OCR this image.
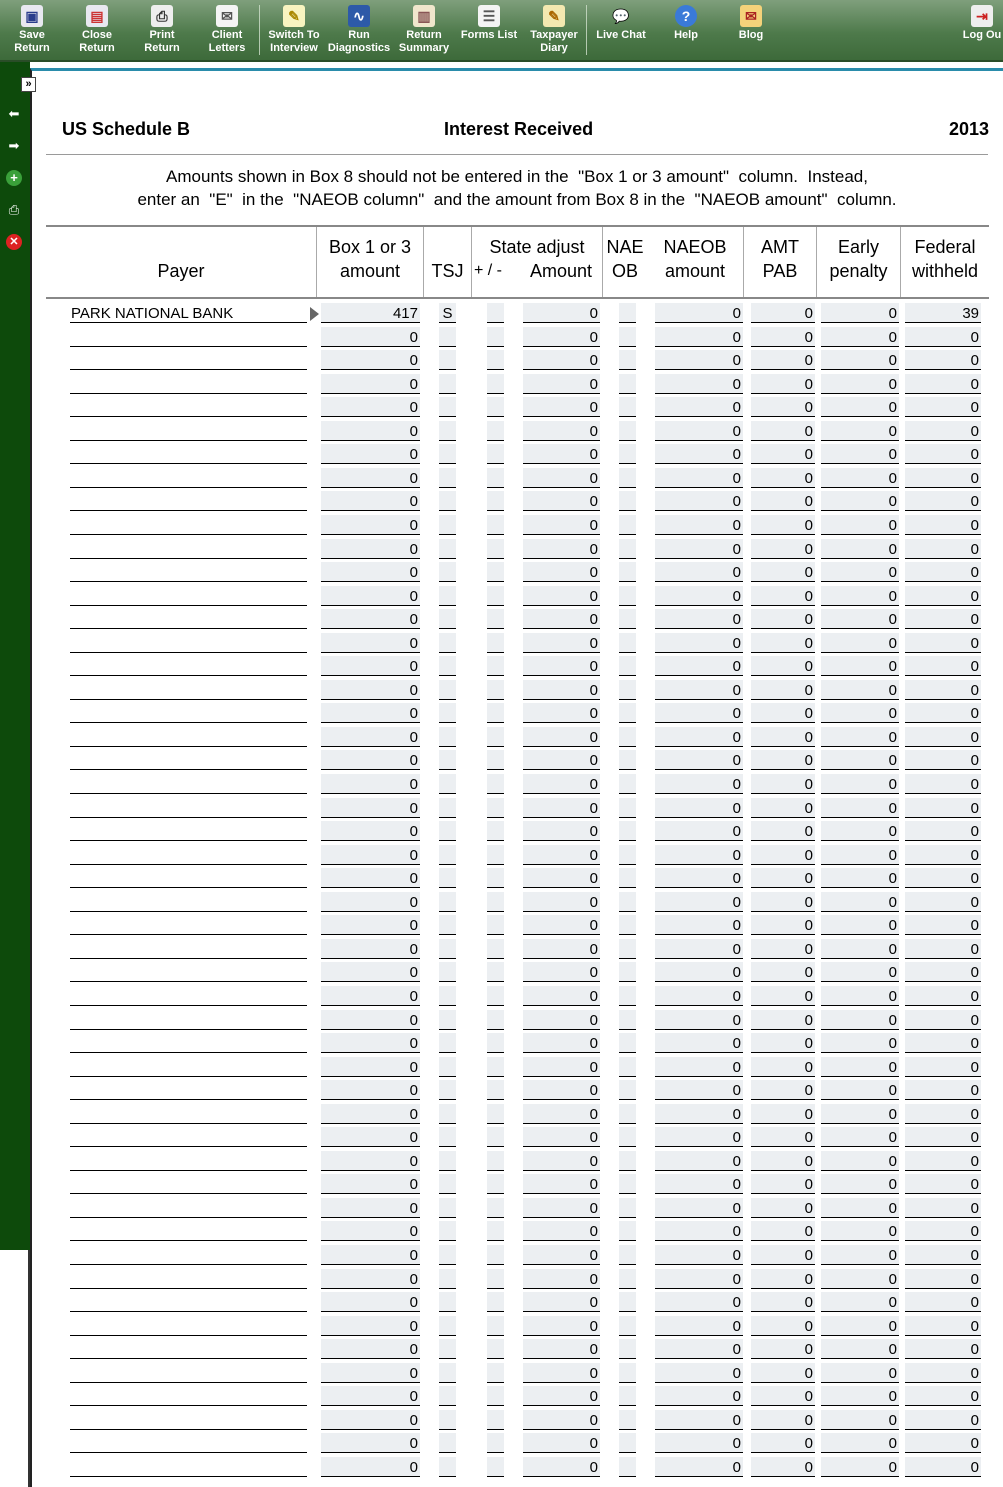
▣
Save
Return
▤
Close
Return
⎙
Print
Return
✉
Client
Letters
✎
Switch To
Interview
∿
Run
Diagnostics
▥
Return
Summary
☰
Forms List
✎
Taxpayer
Diary
💬
Live Chat
?
Help
✉
Blog
⇥
Log Ou
⬅
➡
+
⎙
✕
»
US Schedule B	Interest Received	2013
Amounts shown in Box 8 should not be entered in the  "Box 1 or 3 amount"  column.  Instead,
enter an  "E"  in the  "NAEOB column"  and the amount from Box 8 in the  "NAEOB amount"  column.
Payer
Box 1 or 3
amount	TSJ
State adjust
+ / -	Amount
NAE
OB
NAEOB
amount
AMT
PAB
Early
penalty
Federal
withheld
PARK NATIONAL BANK	417 S	0	0	0	0	39
0	0	0	0	0	0
0	0	0	0	0	0
0	0	0	0	0	0
0	0	0	0	0	0
0	0	0	0	0	0
0	0	0	0	0	0
0	0	0	0	0	0
0	0	0	0	0	0
0	0	0	0	0	0
0	0	0	0	0	0
0	0	0	0	0	0
0	0	0	0	0	0
0	0	0	0	0	0
0	0	0	0	0	0
0	0	0	0	0	0
0	0	0	0	0	0
0	0	0	0	0	0
0	0	0	0	0	0
0	0	0	0	0	0
0	0	0	0	0	0
0	0	0	0	0	0
0	0	0	0	0	0
0	0	0	0	0	0
0	0	0	0	0	0
0	0	0	0	0	0
0	0	0	0	0	0
0	0	0	0	0	0
0	0	0	0	0	0
0	0	0	0	0	0
0	0	0	0	0	0
0	0	0	0	0	0
0	0	0	0	0	0
0	0	0	0	0	0
0	0	0	0	0	0
0	0	0	0	0	0
0	0	0	0	0	0
0	0	0	0	0	0
0	0	0	0	0	0
0	0	0	0	0	0
0	0	0	0	0	0
0	0	0	0	0	0
0	0	0	0	0	0
0	0	0	0	0	0
0	0	0	0	0	0
0	0	0	0	0	0
0	0	0	0	0	0
0	0	0	0	0	0
0	0	0	0	0	0
0	0	0	0	0	0
